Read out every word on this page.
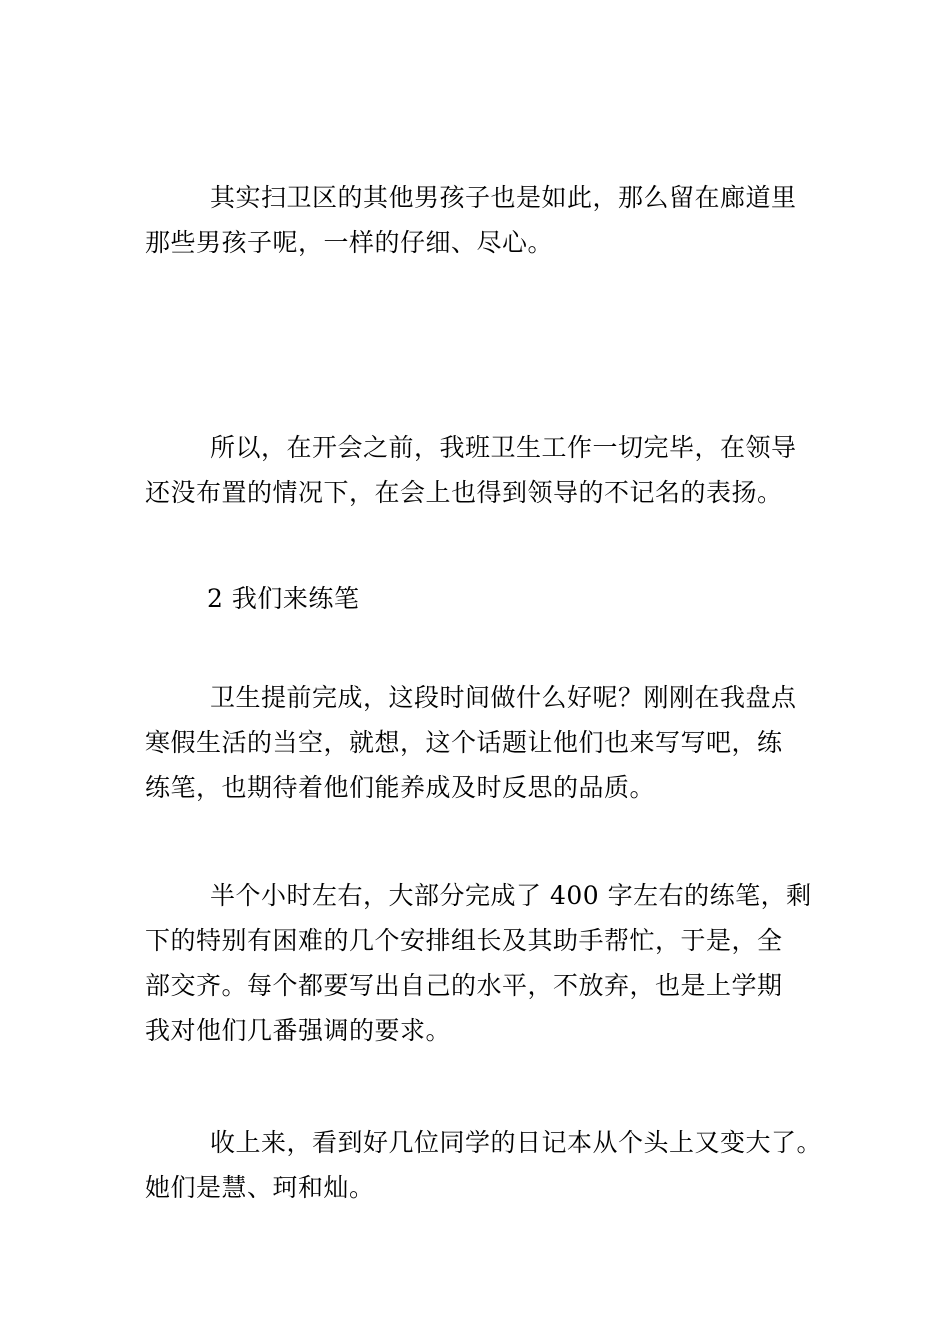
其实扫卫区的其他男孩子也是如此，那么留在廊道里
那些男孩子呢，一样的仔细、尽心。

所以，在开会之前，我班卫生工作一切完毕，在领导
还没布置的情况下，在会上也得到领导的不记名的表扬。

2 我们来练笔

卫生提前完成，这段时间做什么好呢？刚刚在我盘点
寒假生活的当空，就想，这个话题让他们也来写写吧，练
练笔，也期待着他们能养成及时反思的品质。

半个小时左右，大部分完成了 400 字左右的练笔，剩
下的特别有困难的几个安排组长及其助手帮忙，于是，全
部交齐。每个都要写出自己的水平，不放弃，也是上学期
我对他们几番强调的要求。

收上来，看到好几位同学的日记本从个头上又变大了。
她们是慧、珂和灿。
